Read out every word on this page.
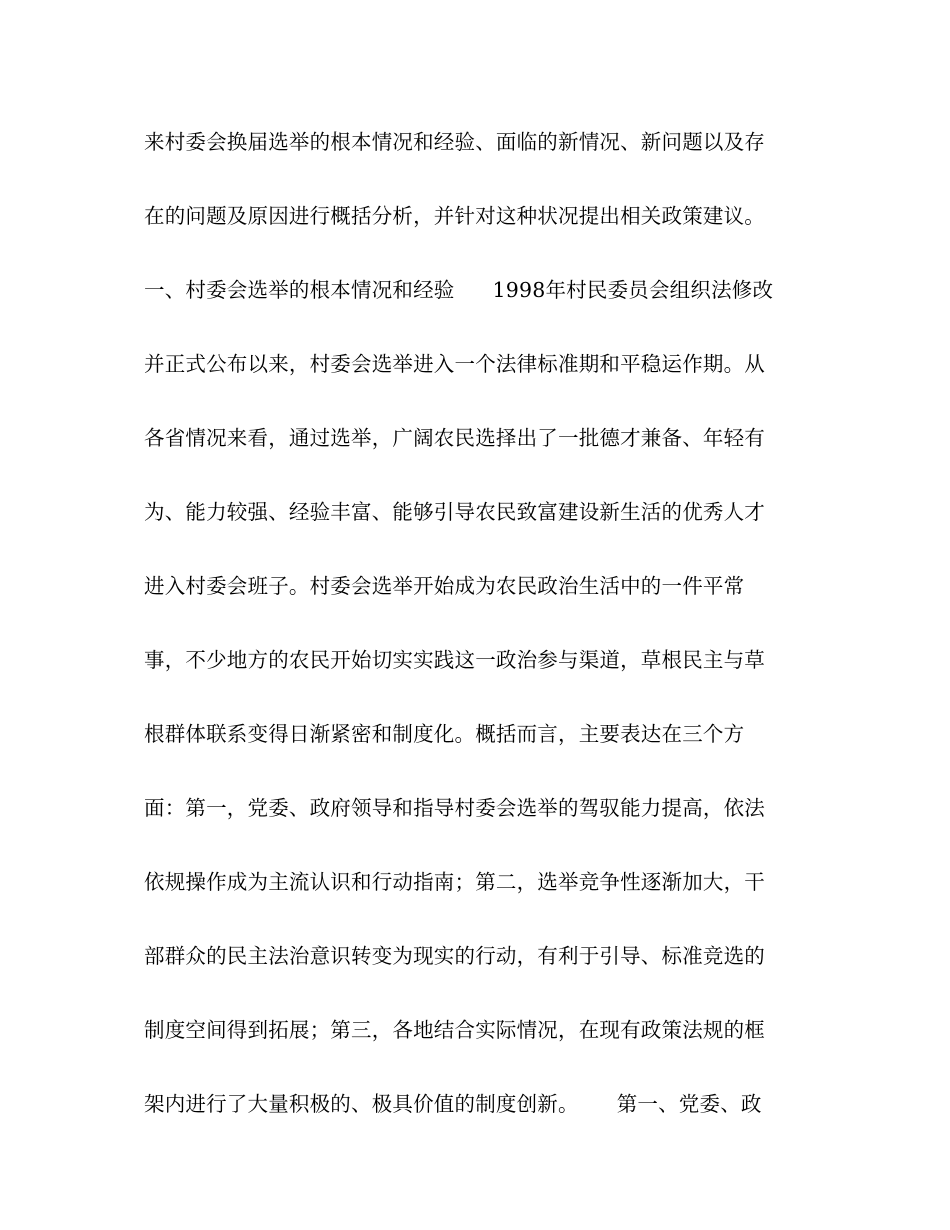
来村委会换届选举的根本情况和经验、面临的新情况、新问题以及存
在的问题及原因进行概括分析，并针对这种状况提出相关政策建议。
一、村委会选举的根本情况和经验 1998年村民委员会组织法修改
并正式公布以来，村委会选举进入一个法律标准期和平稳运作期。从
各省情况来看，通过选举，广阔农民选择出了一批德才兼备、年轻有
为、能力较强、经验丰富、能够引导农民致富建设新生活的优秀人才
进入村委会班子。村委会选举开始成为农民政治生活中的一件平常
事，不少地方的农民开始切实实践这一政治参与渠道，草根民主与草
根群体联系变得日渐紧密和制度化。概括而言，主要表达在三个方
面：第一，党委、政府领导和指导村委会选举的驾驭能力提高，依法
依规操作成为主流认识和行动指南；第二，选举竞争性逐渐加大，干
部群众的民主法治意识转变为现实的行动，有利于引导、标准竞选的
制度空间得到拓展；第三，各地结合实际情况，在现有政策法规的框
架内进行了大量积极的、极具价值的制度创新。 第一、党委、政
